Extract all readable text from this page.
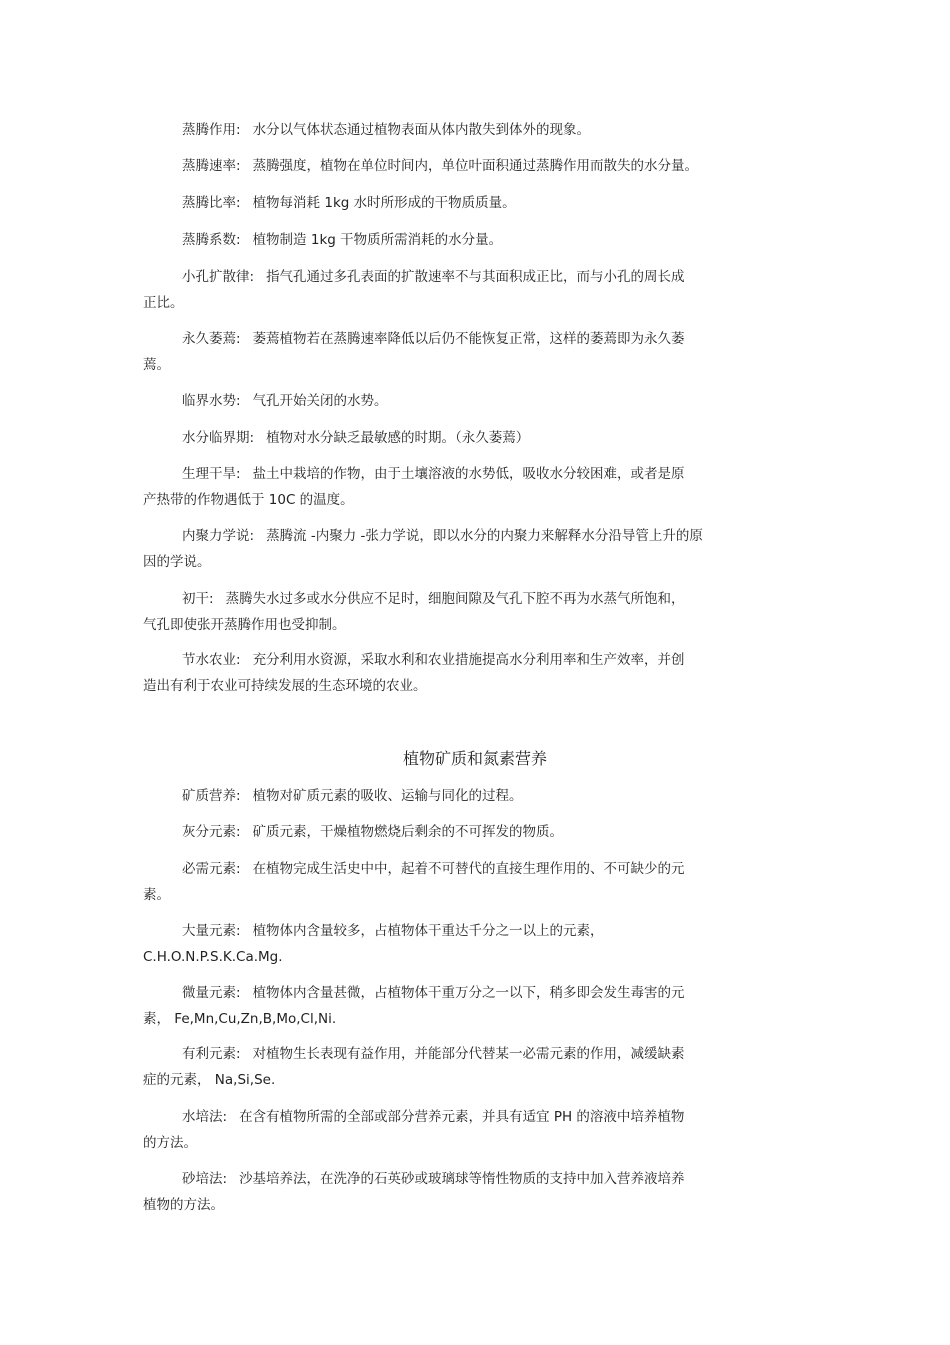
蒸腾作用: 水分以气体状态通过植物表面从体内散失到体外的现象。
蒸腾速率: 蒸腾强度，植物在单位时间内，单位叶面积通过蒸腾作用而散失的水分量。
蒸腾比率: 植物每消耗 1kg 水时所形成的干物质质量。
蒸腾系数: 植物制造 1kg 干物质所需消耗的水分量。
小孔扩散律: 指气孔通过多孔表面的扩散速率不与其面积成正比，而与小孔的周长成
正比。
永久萎蔫: 萎蔫植物若在蒸腾速率降低以后仍不能恢复正常，这样的萎蔫即为永久萎
蔫。
临界水势: 气孔开始关闭的水势。
水分临界期: 植物对水分缺乏最敏感的时期。（永久萎蔫）
生理干旱: 盐土中栽培的作物，由于土壤溶液的水势低，吸收水分较困难，或者是原
产热带的作物遇低于 10C 的温度。
内聚力学说: 蒸腾流 -内聚力 -张力学说，即以水分的内聚力来解释水分沿导管上升的原
因的学说。
初干: 蒸腾失水过多或水分供应不足时，细胞间隙及气孔下腔不再为水蒸气所饱和，
气孔即使张开蒸腾作用也受抑制。
节水农业: 充分利用水资源，采取水利和农业措施提高水分利用率和生产效率，并创
造出有利于农业可持续发展的生态环境的农业。
植物矿质和氮素营养
矿质营养: 植物对矿质元素的吸收、运输与同化的过程。
灰分元素: 矿质元素，干燥植物燃烧后剩余的不可挥发的物质。
必需元素: 在植物完成生活史中中，起着不可替代的直接生理作用的、不可缺少的元
素。
大量元素: 植物体内含量较多，占植物体干重达千分之一以上的元素，
C.H.O.N.P.S.K.Ca.Mg.
微量元素: 植物体内含量甚微，占植物体干重万分之一以下，稍多即会发生毒害的元
素， Fe,Mn,Cu,Zn,B,Mo,Cl,Ni.
有利元素: 对植物生长表现有益作用，并能部分代替某一必需元素的作用，减缓缺素
症的元素， Na,Si,Se.
水培法: 在含有植物所需的全部或部分营养元素，并具有适宜 PH 的溶液中培养植物
的方法。
砂培法: 沙基培养法，在洗净的石英砂或玻璃球等惰性物质的支持中加入营养液培养
植物的方法。
